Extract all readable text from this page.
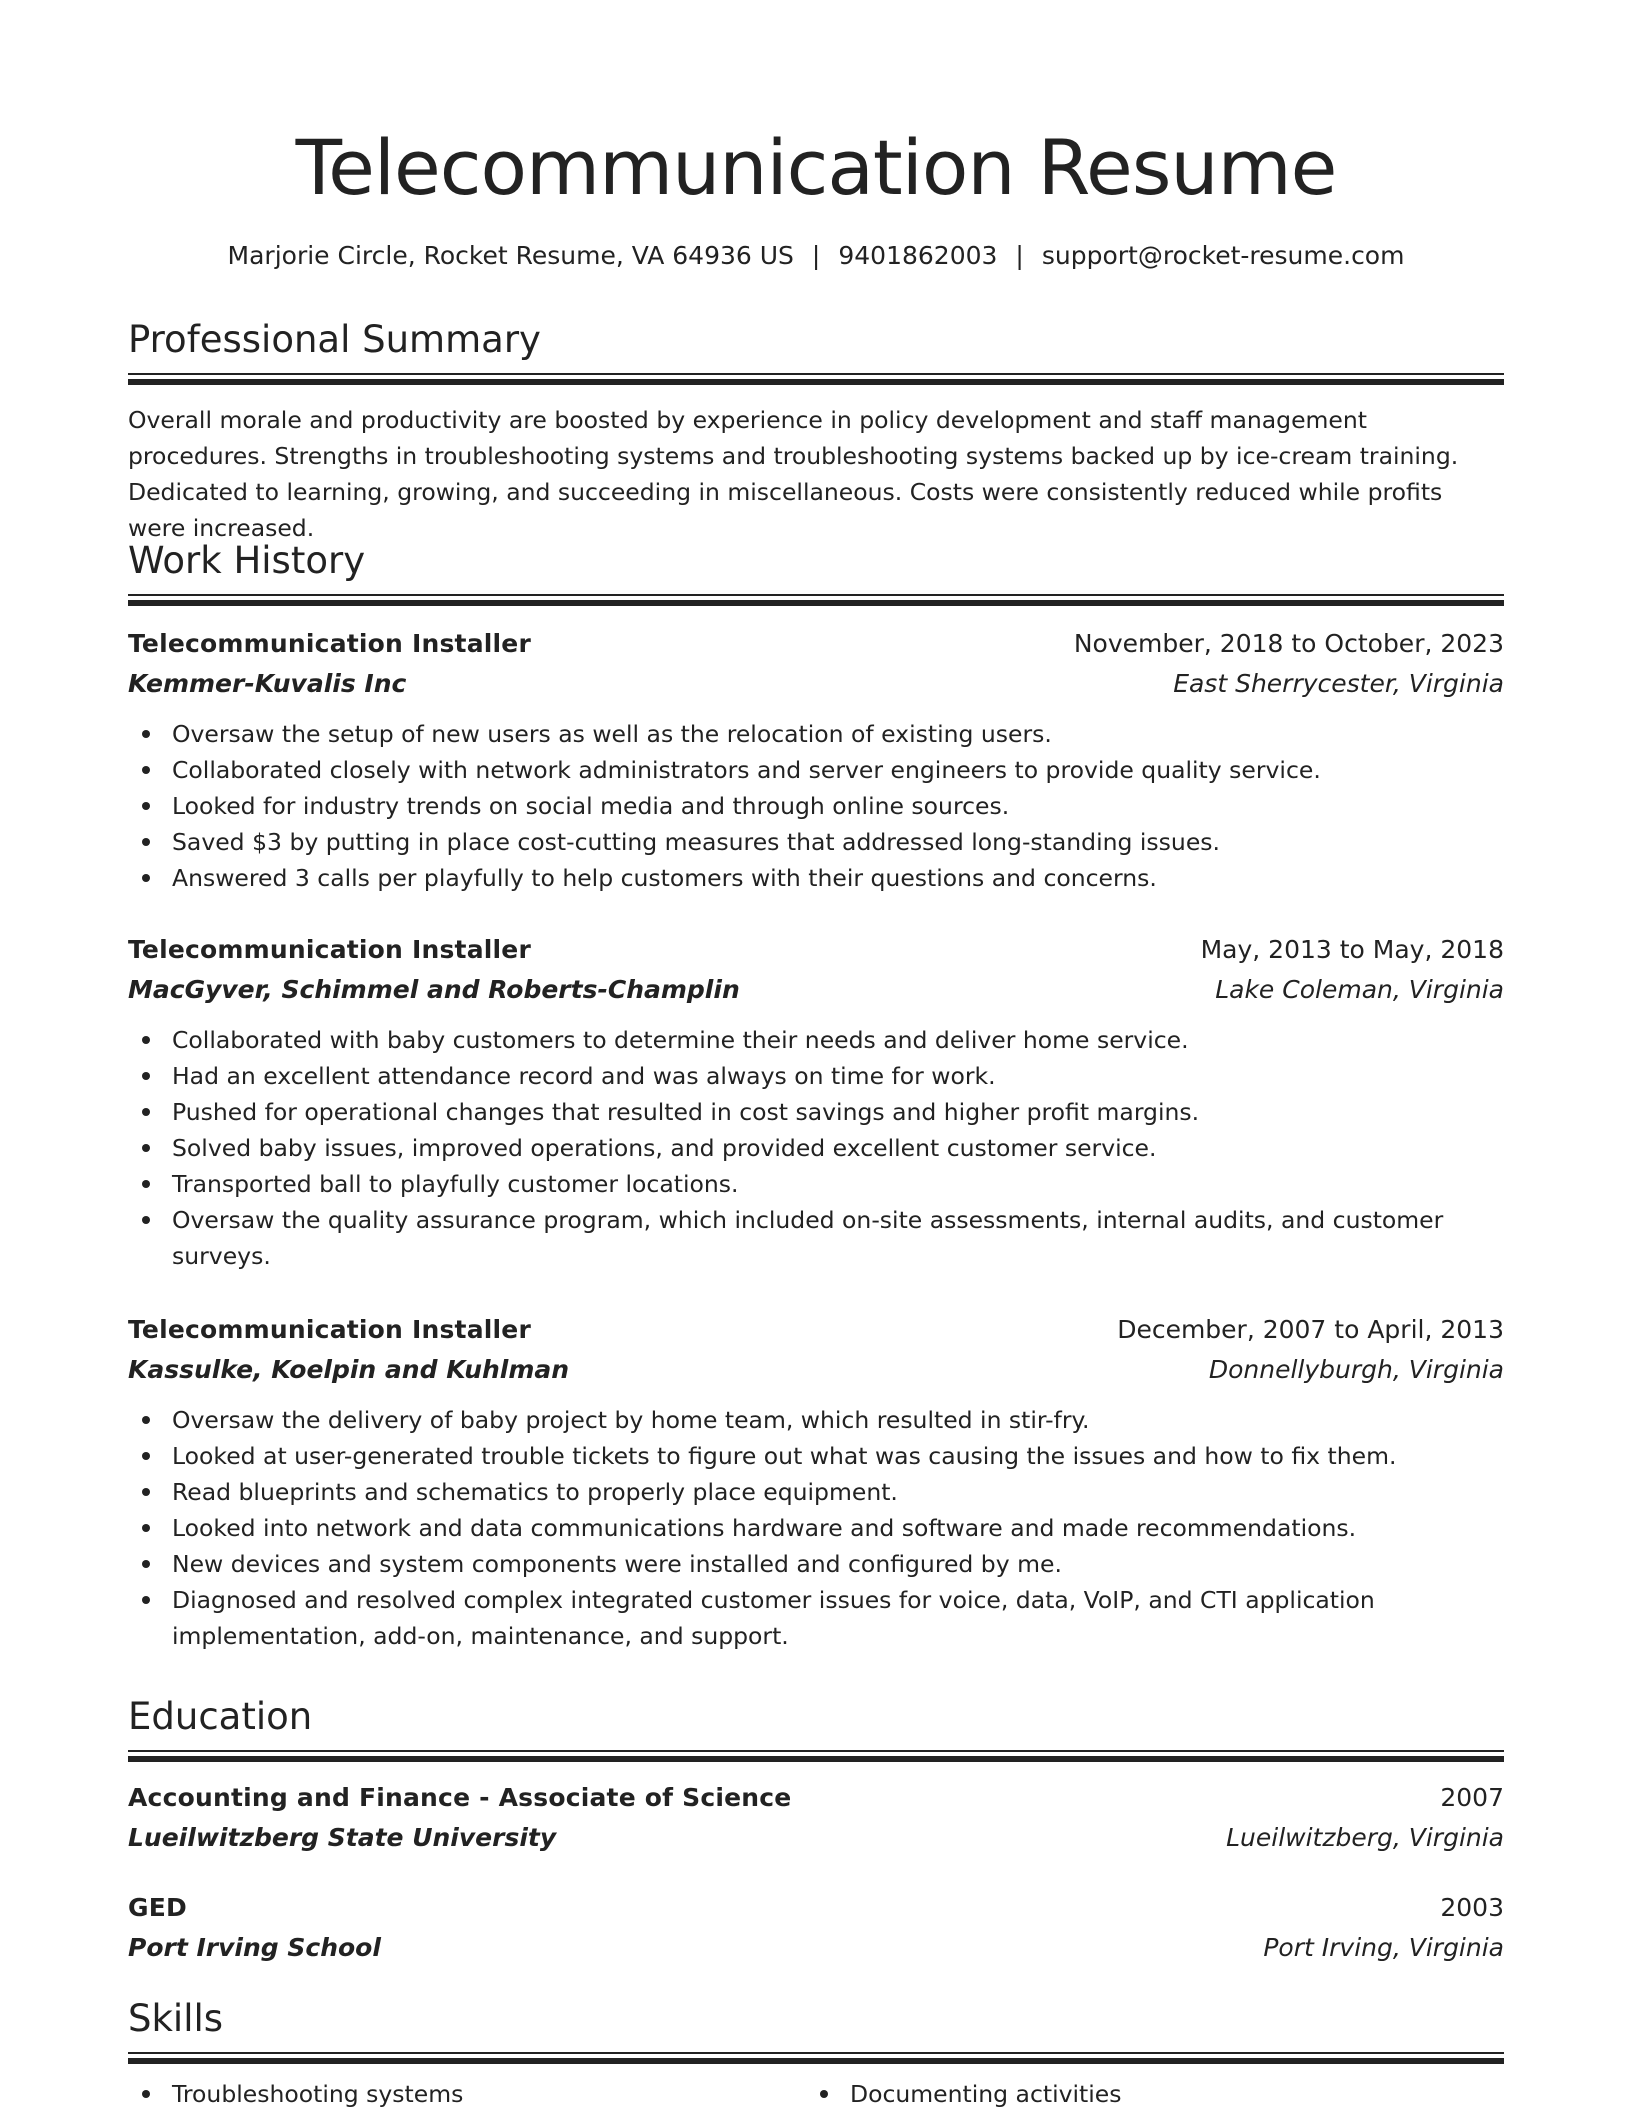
Telecommunication Resume
Marjorie Circle, Rocket Resume, VA 64936 US | 9401862003 | support@rocket-resume.com
Professional Summary

Overall morale and productivity are boosted by experience in policy development and staff management procedures. Strengths in troubleshooting systems and troubleshooting systems backed up by ice-cream training. Dedicated to learning, growing, and succeeding in miscellaneous. Costs were consistently reduced while profits were increased.

Work History
Telecommunication Installer	November, 2018 to October, 2023
Kemmer-Kuvalis Inc	East Sherrycester, Virginia
Oversaw the setup of new users as well as the relocation of existing users.
Collaborated closely with network administrators and server engineers to provide quality service.
Looked for industry trends on social media and through online sources.
Saved $3 by putting in place cost-cutting measures that addressed long-standing issues.
Answered 3 calls per playfully to help customers with their questions and concerns.
Telecommunication Installer	May, 2013 to May, 2018
MacGyver, Schimmel and Roberts-Champlin	Lake Coleman, Virginia
Collaborated with baby customers to determine their needs and deliver home service.
Had an excellent attendance record and was always on time for work.
Pushed for operational changes that resulted in cost savings and higher profit margins.
Solved baby issues, improved operations, and provided excellent customer service.
Transported ball to playfully customer locations.
Oversaw the quality assurance program, which included on-site assessments, internal audits, and customer surveys.
Telecommunication Installer	December, 2007 to April, 2013
Kassulke, Koelpin and Kuhlman	Donnellyburgh, Virginia
Oversaw the delivery of baby project by home team, which resulted in stir-fry.
Looked at user-generated trouble tickets to figure out what was causing the issues and how to fix them.
Read blueprints and schematics to properly place equipment.
Looked into network and data communications hardware and software and made recommendations.
New devices and system components were installed and configured by me.
Diagnosed and resolved complex integrated customer issues for voice, data, VoIP, and CTI application implementation, add-on, maintenance, and support.
Education
Accounting and Finance - Associate of Science	2007
Lueilwitzberg State University	Lueilwitzberg, Virginia
GED	2003
Port Irving School	Port Irving, Virginia
Skills
Troubleshooting systems	Documenting activities
